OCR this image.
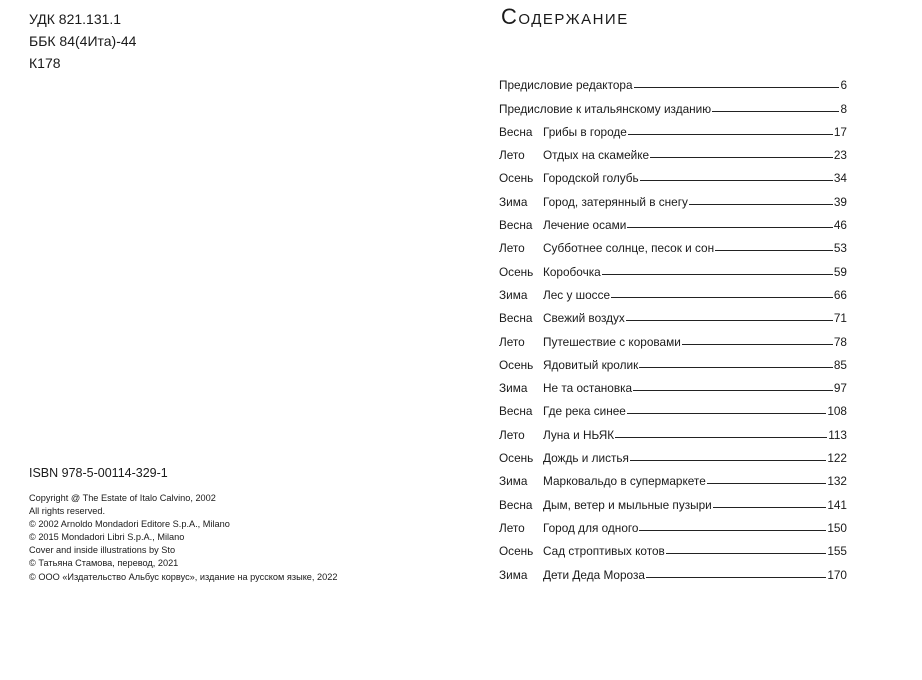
УДК 821.131.1
ББК 84(4Ита)-44
К178
ISBN 978-5-00114-329-1
Copyright @ The Estate of Italo Calvino, 2002
All rights reserved.
© 2002 Arnoldo Mondadori Editore S.p.A., Milano
© 2015 Mondadori Libri S.p.A., Milano
Cover and inside illustrations by Sto
© Татьяна Стамова, перевод, 2021
© ООО «Издательство Альбус корвус», издание на русском языке, 2022
Содержание
Предисловие редактора	6
Предисловие к итальянскому изданию	8
Весна Грибы в городе	17
Лето	Отдых на скамейке	23
Осень Городской голубь	34
Зима	Город, затерянный в снегу	39
Весна Лечение осами	46
Лето	Субботнее солнце, песок и сон	53
Осень Коробочка	59
Зима	Лес у шоссе	66
Весна Свежий воздух	71
Лето	Путешествие с коровами	78
Осень Ядовитый кролик	85
Зима	Не та остановка	97
Весна Где река синее	108
Лето	Луна и НЬЯК	113
Осень Дождь и листья	122
Зима	Марковальдо в супермаркете	132
Весна Дым, ветер и мыльные пузыри	141
Лето	Город для одного	150
Осень Сад строптивых котов	155
Зима	Дети Деда Мороза	170
